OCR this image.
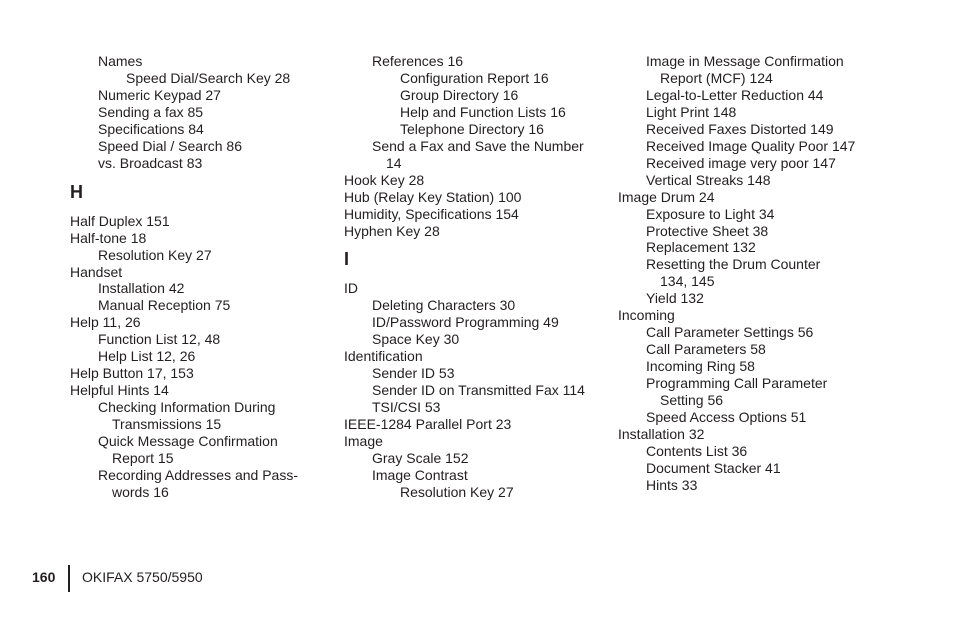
Names
Speed Dial/Search Key 28
Numeric Keypad 27
Sending a fax 85
Specifications 84
Speed Dial / Search 86
vs. Broadcast 83
H
Half Duplex 151
Half-tone 18
Resolution Key 27
Handset
Installation 42
Manual Reception 75
Help 11, 26
Function List 12, 48
Help List 12, 26
Help Button 17, 153
Helpful Hints 14
Checking Information During
Transmissions 15
Quick Message Confirmation
Report 15
Recording Addresses and Pass-
words 16
References 16
Configuration Report 16
Group Directory 16
Help and Function Lists 16
Telephone Directory 16
Send a Fax and Save the Number
14
Hook Key 28
Hub (Relay Key Station) 100
Humidity, Specifications 154
Hyphen Key 28
I
ID
Deleting Characters 30
ID/Password Programming 49
Space Key 30
Identification
Sender ID 53
Sender ID on Transmitted Fax 114
TSI/CSI 53
IEEE-1284 Parallel Port 23
Image
Gray Scale 152
Image Contrast
Resolution Key 27
Image in Message Confirmation
Report (MCF) 124
Legal-to-Letter Reduction 44
Light Print 148
Received Faxes Distorted 149
Received Image Quality Poor 147
Received image very poor 147
Vertical Streaks 148
Image Drum 24
Exposure to Light 34
Protective Sheet 38
Replacement 132
Resetting the Drum Counter
134, 145
Yield 132
Incoming
Call Parameter Settings 56
Call Parameters 58
Incoming Ring 58
Programming Call Parameter
Setting 56
Speed Access Options 51
Installation 32
Contents List 36
Document Stacker 41
Hints 33
160 OKIFAX 5750/5950
